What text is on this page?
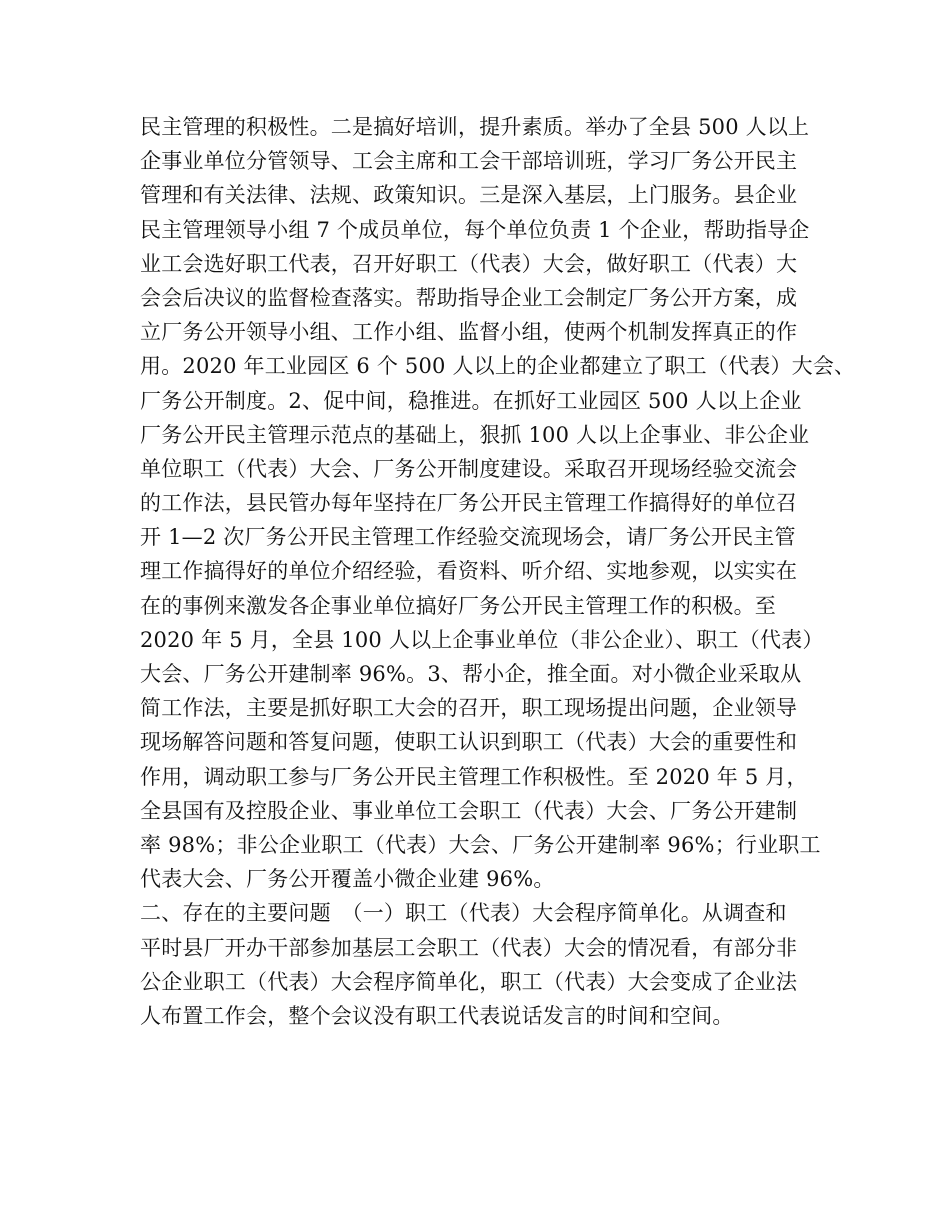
民主管理的积极性。二是搞好培训，提升素质。举办了全县 500 人以上
企事业单位分管领导、工会主席和工会干部培训班，学习厂务公开民主
管理和有关法律、法规、政策知识。三是深入基层，上门服务。县企业
民主管理领导小组 7 个成员单位，每个单位负责 1 个企业，帮助指导企
业工会选好职工代表，召开好职工（代表）大会，做好职工（代表）大
会会后决议的监督检查落实。帮助指导企业工会制定厂务公开方案，成
立厂务公开领导小组、工作小组、监督小组，使两个机制发挥真正的作
用。2020 年工业园区 6 个 500 人以上的企业都建立了职工（代表）大会、
厂务公开制度。2、促中间，稳推进。在抓好工业园区 500 人以上企业
厂务公开民主管理示范点的基础上，狠抓 100 人以上企事业、非公企业
单位职工（代表）大会、厂务公开制度建设。采取召开现场经验交流会
的工作法，县民管办每年坚持在厂务公开民主管理工作搞得好的单位召
开 1—2 次厂务公开民主管理工作经验交流现场会，请厂务公开民主管
理工作搞得好的单位介绍经验，看资料、听介绍、实地参观，以实实在
在的事例来激发各企事业单位搞好厂务公开民主管理工作的积极。至
2020 年 5 月，全县 100 人以上企事业单位（非公企业）、职工（代表）
大会、厂务公开建制率 96%。3、帮小企，推全面。对小微企业采取从
简工作法，主要是抓好职工大会的召开，职工现场提出问题，企业领导
现场解答问题和答复问题，使职工认识到职工（代表）大会的重要性和
作用，调动职工参与厂务公开民主管理工作积极性。至 2020 年 5 月，
全县国有及控股企业、事业单位工会职工（代表）大会、厂务公开建制
率 98%；非公企业职工（代表）大会、厂务公开建制率 96%；行业职工
代表大会、厂务公开覆盖小微企业建 96%。
二、存在的主要问题　（一）职工（代表）大会程序简单化。从调查和
平时县厂开办干部参加基层工会职工（代表）大会的情况看，有部分非
公企业职工（代表）大会程序简单化，职工（代表）大会变成了企业法
人布置工作会，整个会议没有职工代表说话发言的时间和空间。
